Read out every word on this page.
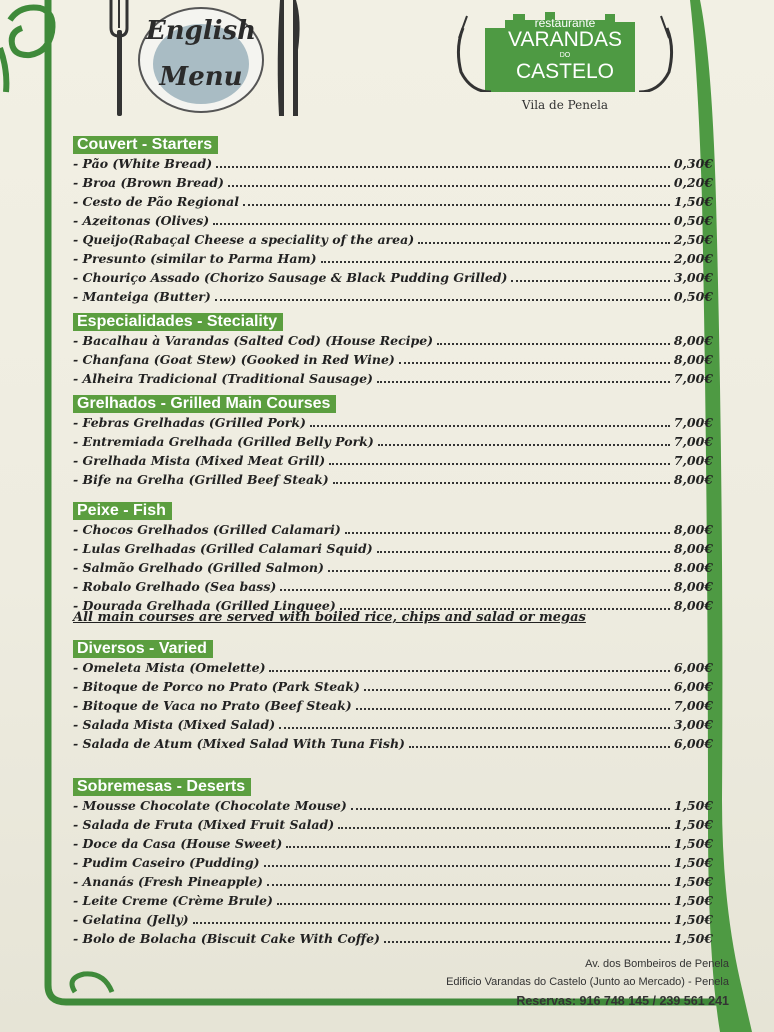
English
Menu
restaurante
VARANDAS
DO
CASTELO
Vila de Penela
Couvert - Starters
- Pão (White Bread)	0,30€
- Broa (Brown Bread)	0,20€
- Cesto de Pão Regional	1,50€
- Azeitonas (Olives)	0,50€
- Queijo(Rabaçal Cheese a speciality of the area)	2,50€
- Presunto (similar to Parma Ham)	2,00€
- Chouriço Assado (Chorizo Sausage & Black Pudding Grilled)	3,00€
- Manteiga (Butter)	0,50€
Especialidades - Steciality
- Bacalhau à Varandas (Salted Cod) (House Recipe)	8,00€
- Chanfana (Goat Stew) (Gooked in Red Wine)	8,00€
- Alheira Tradicional (Traditional Sausage)	7,00€
Grelhados - Grilled Main Courses
- Febras Grelhadas (Grilled Pork)	7,00€
- Entremiada Grelhada (Grilled Belly Pork)	7,00€
- Grelhada Mista (Mixed Meat Grill)	7,00€
- Bife na Grelha (Grilled Beef Steak)	8,00€
Peixe - Fish
- Chocos Grelhados (Grilled Calamari)	8,00€
- Lulas Grelhadas (Grilled Calamari Squid)	8,00€
- Salmão Grelhado (Grilled Salmon)	8.00€
- Robalo Grelhado (Sea bass)	8,00€
- Dourada Grelhada (Grilled Linguee)	8,00€
Diversos - Varied
- Omeleta Mista (Omelette)	6,00€
- Bitoque de Porco no Prato (Park Steak)	6,00€
- Bitoque de Vaca no Prato (Beef Steak)	7,00€
- Salada Mista (Mixed Salad)	3,00€
- Salada de Atum (Mixed Salad With Tuna Fish)	6,00€
Sobremesas - Deserts
- Mousse Chocolate (Chocolate Mouse)	1,50€
- Salada de Fruta (Mixed Fruit Salad)	1,50€
- Doce da Casa (House Sweet)	1,50€
- Pudim Caseiro (Pudding)	1,50€
- Ananás (Fresh Pineapple)	1,50€
- Leite Creme (Crème Brule)	1,50€
- Gelatina (Jelly)	1,50€
- Bolo de Bolacha (Biscuit Cake With Coffe)	1,50€
All main courses are served with boiled rice, chips and salad or megas
Av. dos Bombeiros de Penela
Edificio Varandas do Castelo (Junto ao Mercado) - Penela
Reservas: 916 748 145 / 239 561 241
